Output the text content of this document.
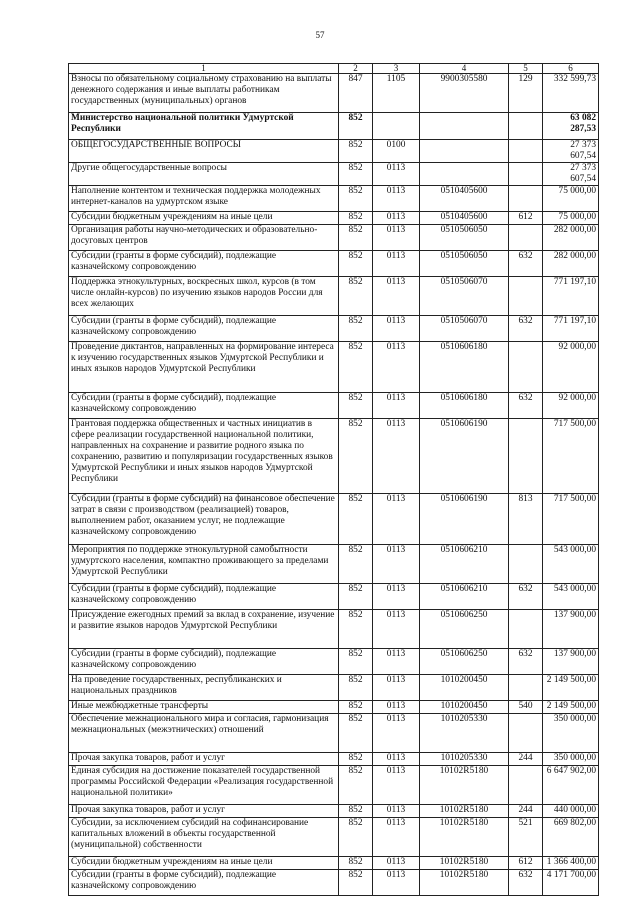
57
1	2	3	4	5	6
Взносы по обязательному социальному страхованию на выплаты денежного содержания и иные выплаты работникам государственных (муниципальных) органов	847	1105	9900305580	129	332 599,73
Министерство национальной политики Удмуртской Республики	852				63 082 287,53
ОБЩЕГОСУДАРСТВЕННЫЕ ВОПРОСЫ	852	0100			27 373 607,54
Другие общегосударственные вопросы	852	0113			27 373 607,54
Наполнение контентом и техническая поддержка молодежных интернет-каналов на удмуртском языке	852	0113	0510405600		75 000,00
Субсидии бюджетным учреждениям на иные цели	852	0113	0510405600	612	75 000,00
Организация работы научно-методических и образовательно-досуговых центров	852	0113	0510506050		282 000,00
Субсидии (гранты в форме субсидий), подлежащие казначейскому сопровождению	852	0113	0510506050	632	282 000,00
Поддержка этнокультурных, воскресных школ, курсов (в том числе онлайн-курсов) по изучению языков народов России для всех желающих	852	0113	0510506070		771 197,10
Субсидии (гранты в форме субсидий), подлежащие казначейскому сопровождению	852	0113	0510506070	632	771 197,10
Проведение диктантов, направленных на формирование интереса к изучению государственных языков Удмуртской Республики и иных языков народов Удмуртской Республики	852	0113	0510606180		92 000,00
Субсидии (гранты в форме субсидий), подлежащие казначейскому сопровождению	852	0113	0510606180	632	92 000,00
Грантовая поддержка общественных и частных инициатив в сфере реализации государственной национальной политики, направленных на сохранение и развитие родного языка по сохранению, развитию и популяризации государственных языков Удмуртской Республики и иных языков народов Удмуртской Республики	852	0113	0510606190		717 500,00
Субсидии (гранты в форме субсидий) на финансовое обеспечение затрат в связи с производством (реализацией) товаров, выполнением работ, оказанием услуг, не подлежащие казначейскому сопровождению	852	0113	0510606190	813	717 500,00
Мероприятия по поддержке этнокультурной самобытности удмуртского населения, компактно проживающего за пределами Удмуртской Республики	852	0113	0510606210		543 000,00
Субсидии (гранты в форме субсидий), подлежащие казначейскому сопровождению	852	0113	0510606210	632	543 000,00
Присуждение ежегодных премий за вклад в сохранение, изучение и развитие языков народов Удмуртской Республики	852	0113	0510606250		137 900,00
Субсидии (гранты в форме субсидий), подлежащие казначейскому сопровождению	852	0113	0510606250	632	137 900,00
На проведение государственных, республиканских и национальных праздников	852	0113	1010200450		2 149 500,00
Иные межбюджетные трансферты	852	0113	1010200450	540	2 149 500,00
Обеспечение межнационального мира и согласия, гармонизация межнациональных (межэтнических) отношений	852	0113	1010205330		350 000,00
Прочая закупка товаров, работ и услуг	852	0113	1010205330	244	350 000,00
Единая субсидия на достижение показателей государственной программы Российской Федерации «Реализация государственной национальной политики»	852	0113	10102R5180		6 647 902,00
Прочая закупка товаров, работ и услуг	852	0113	10102R5180	244	440 000,00
Субсидии, за исключением субсидий на софинансирование капитальных вложений в объекты государственной (муниципальной) собственности	852	0113	10102R5180	521	669 802,00
Субсидии бюджетным учреждениям на иные цели	852	0113	10102R5180	612	1 366 400,00
Субсидии (гранты в форме субсидий), подлежащие казначейскому сопровождению	852	0113	10102R5180	632	4 171 700,00
